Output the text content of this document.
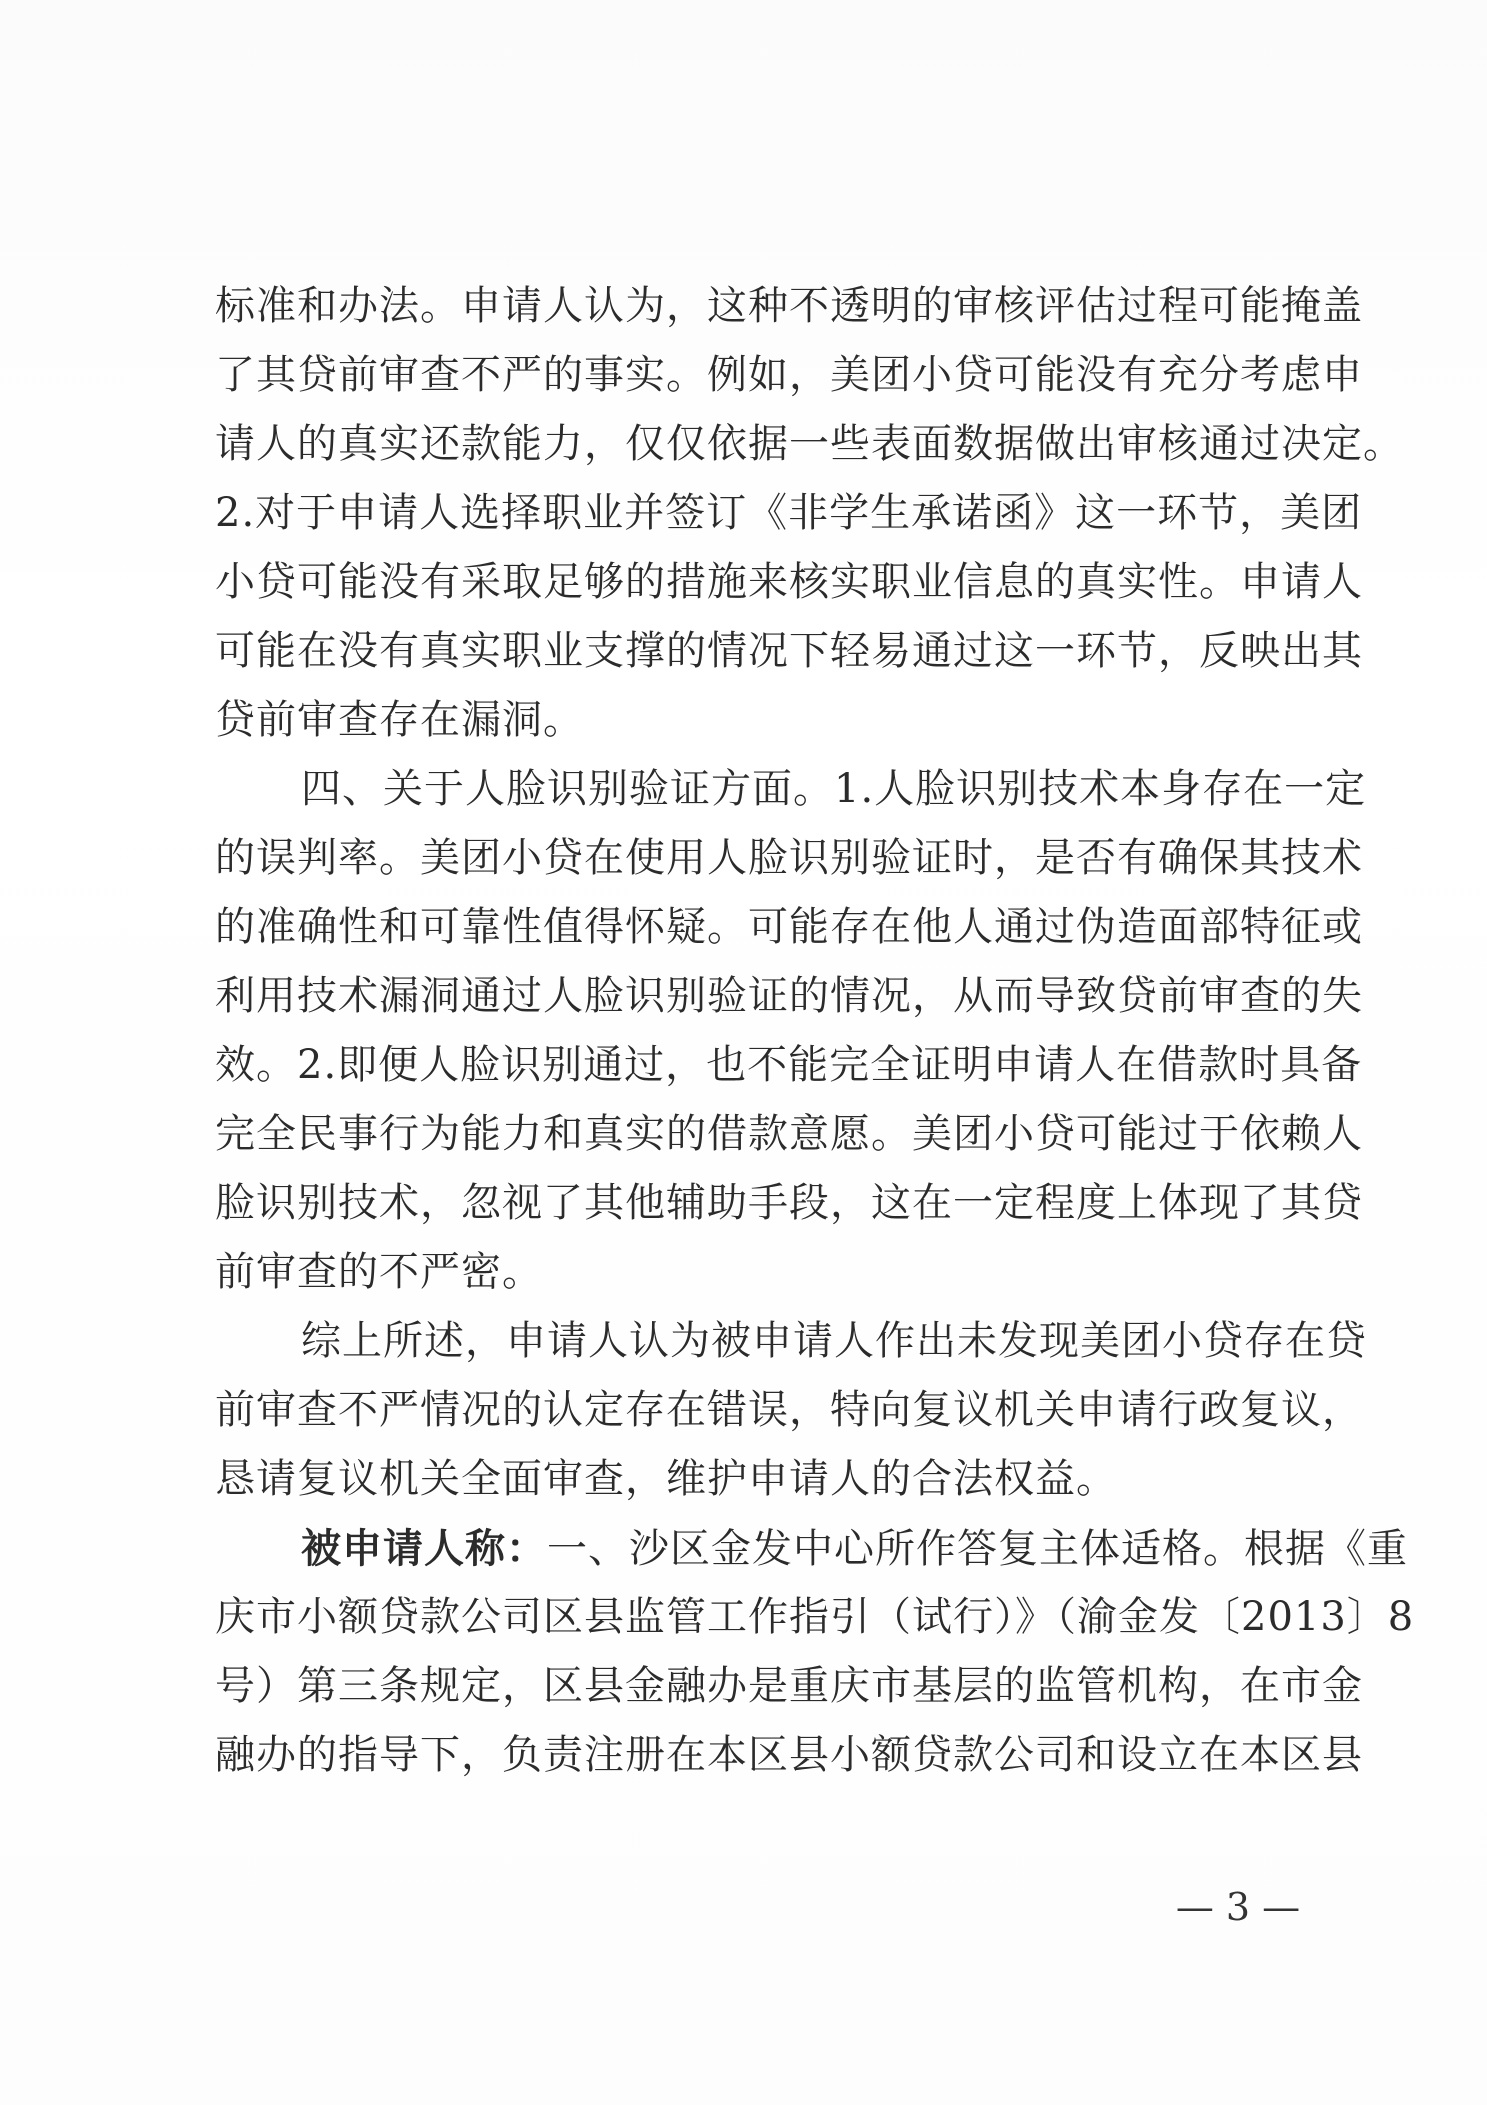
标准和办法。申请人认为，这种不透明的审核评估过程可能掩盖
了其贷前审查不严的事实。例如，美团小贷可能没有充分考虑申
请人的真实还款能力，仅仅依据一些表面数据做出审核通过决定。
2.对于申请人选择职业并签订《非学生承诺函》这一环节，美团
小贷可能没有采取足够的措施来核实职业信息的真实性。申请人
可能在没有真实职业支撑的情况下轻易通过这一环节，反映出其
贷前审查存在漏洞。
四、关于人脸识别验证方面。1.人脸识别技术本身存在一定
的误判率。美团小贷在使用人脸识别验证时，是否有确保其技术
的准确性和可靠性值得怀疑。可能存在他人通过伪造面部特征或
利用技术漏洞通过人脸识别验证的情况，从而导致贷前审查的失
效。2.即便人脸识别通过，也不能完全证明申请人在借款时具备
完全民事行为能力和真实的借款意愿。美团小贷可能过于依赖人
脸识别技术，忽视了其他辅助手段，这在一定程度上体现了其贷
前审查的不严密。
综上所述，申请人认为被申请人作出未发现美团小贷存在贷
前审查不严情况的认定存在错误，特向复议机关申请行政复议，
恳请复议机关全面审查，维护申请人的合法权益。
被申请人称：一、沙区金发中心所作答复主体适格。根据《重
庆市小额贷款公司区县监管工作指引（试行）》（渝金发〔2013〕8
号）第三条规定，区县金融办是重庆市基层的监管机构，在市金
融办的指导下，负责注册在本区县小额贷款公司和设立在本区县
— 3 —
